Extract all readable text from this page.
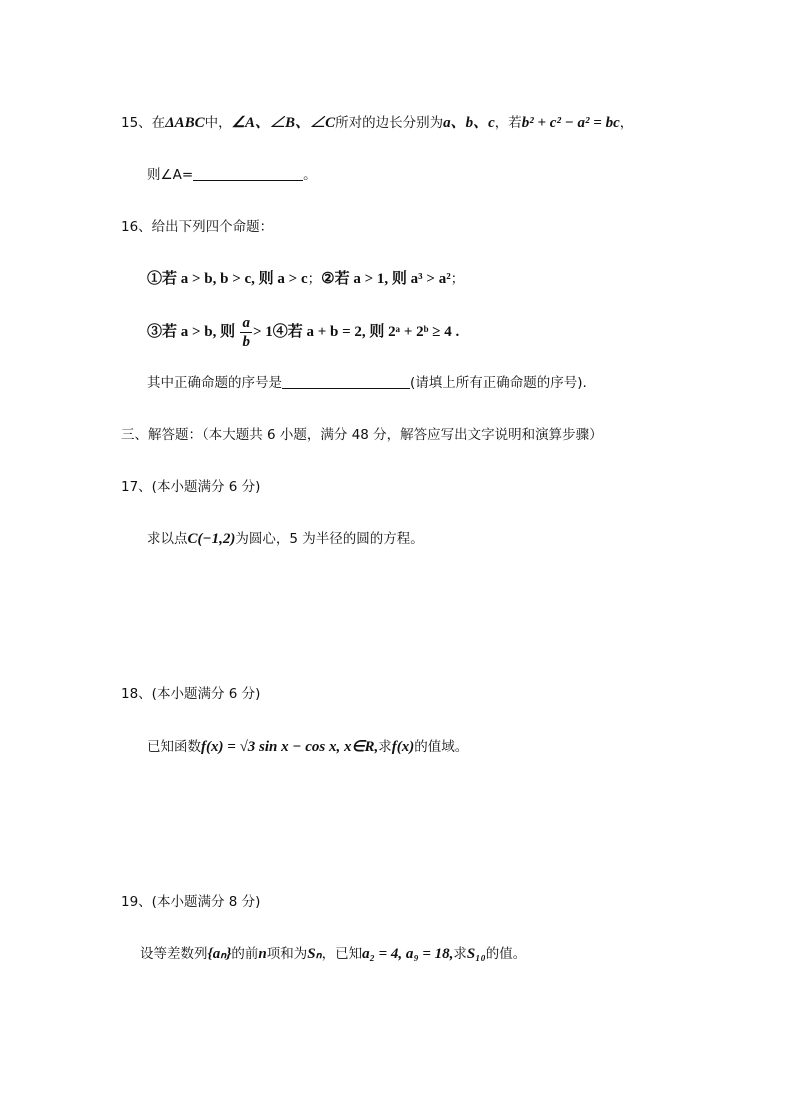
15、在ΔABC中，∠A、∠B、∠C所对的边长分别为a、b、c，若b² + c² − a² = bc，
则∠A=	。
16、给出下列四个命题：
①若 a > b, b > c, 则 a > c；②若 a > 1, 则 a³ > a²；
③若 a > b, 则 $\frac{a}{b}$ > 1④若 a + b = 2, 则 2ᵃ + 2ᵇ ≥ 4 .
其中正确命题的序号是	(请填上所有正确命题的序号).
三、解答题：（本大题共 6 小题，满分 48 分，解答应写出文字说明和演算步骤）
17、(本小题满分 6 分)
求以点C(−1,2)为圆心，5 为半径的圆的方程。
18、(本小题满分 6 分)
已知函数f(x) = √3 sin x − cos x, x∈R,求f(x)的值域。
19、(本小题满分 8 分)
设等差数列{aₙ}的前n项和为Sₙ，已知a₂ = 4, a₉ = 18,求S₁₀的值。
